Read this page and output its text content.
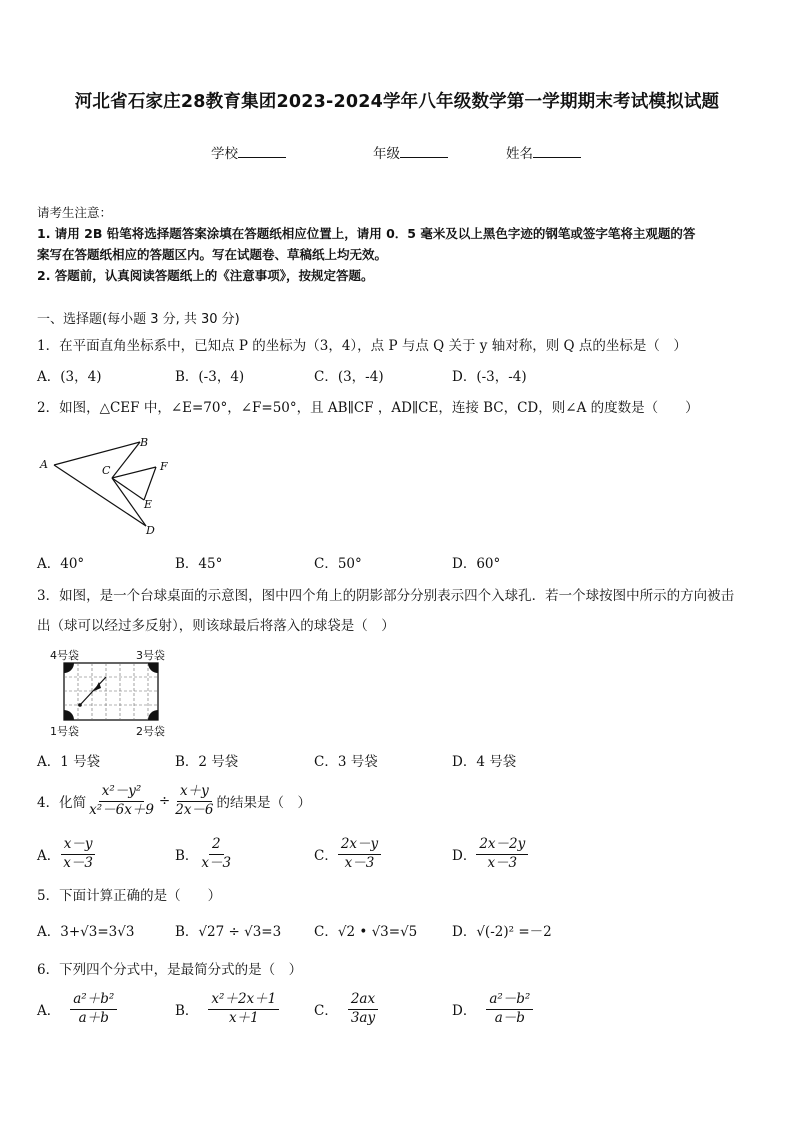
河北省石家庄28教育集团2023-2024学年八年级数学第一学期期末考试模拟试题
学校	年级	姓名
请考生注意：
1. 请用 2B 铅笔将选择题答案涂填在答题纸相应位置上，请用 0．5 毫米及以上黑色字迹的钢笔或签字笔将主观题的答
案写在答题纸相应的答题区内。写在试题卷、草稿纸上均无效。
2. 答题前，认真阅读答题纸上的《注意事项》，按规定答题。
一、选择题(每小题 3 分, 共 30 分)
1．在平面直角坐标系中，已知点 P 的坐标为（3，4），点 P 与点 Q 关于 y 轴对称，则 Q 点的坐标是（　）
A．(3，4)	B．(-3，4)	C．(3，-4)	D．(-3，-4)
2．如图，△CEF 中，∠E=70°，∠F=50°，且 AB∥CF ，AD∥CE，连接 BC，CD，则∠A 的度数是（　　）
A
B
C
D
E
F
A．40°	B．45°	C．50°	D．60°
3．如图，是一个台球桌面的示意图，图中四个角上的阴影部分分别表示四个入球孔．若一个球按图中所示的方向被击
出（球可以经过多反射），则该球最后将落入的球袋是（　）
4号袋	3号袋
1号袋	2号袋
A．1 号袋	B．2 号袋	C．3 号袋	D．4 号袋
4．化简 $\frac{\text{x²－y²}}{\text{x²－6x＋9}} \div \frac{x+y}{2x-6}$ 的结果是（　）
A． $\frac{x-y}{x-3}$	B． $\frac{2}{x-3}$	C． $\frac{2x-y}{x-3}$	D． $\frac{2x-2y}{x-3}$
5．下面计算正确的是（　　）
A．3+√3=3√3	B．√27 ÷ √3=3 C．√2 • √3=√5	D．√(-2)² =－2
6．下列四个分式中，是最简分式的是（　）
A． $\frac{\text{a²＋b²}}{a+b}$	B． $\frac{\text{x²＋2x＋1}}{x+1}$	C． $\frac{2ax}{3ay}$	D． $\frac{\text{a²－b²}}{a-b}$
